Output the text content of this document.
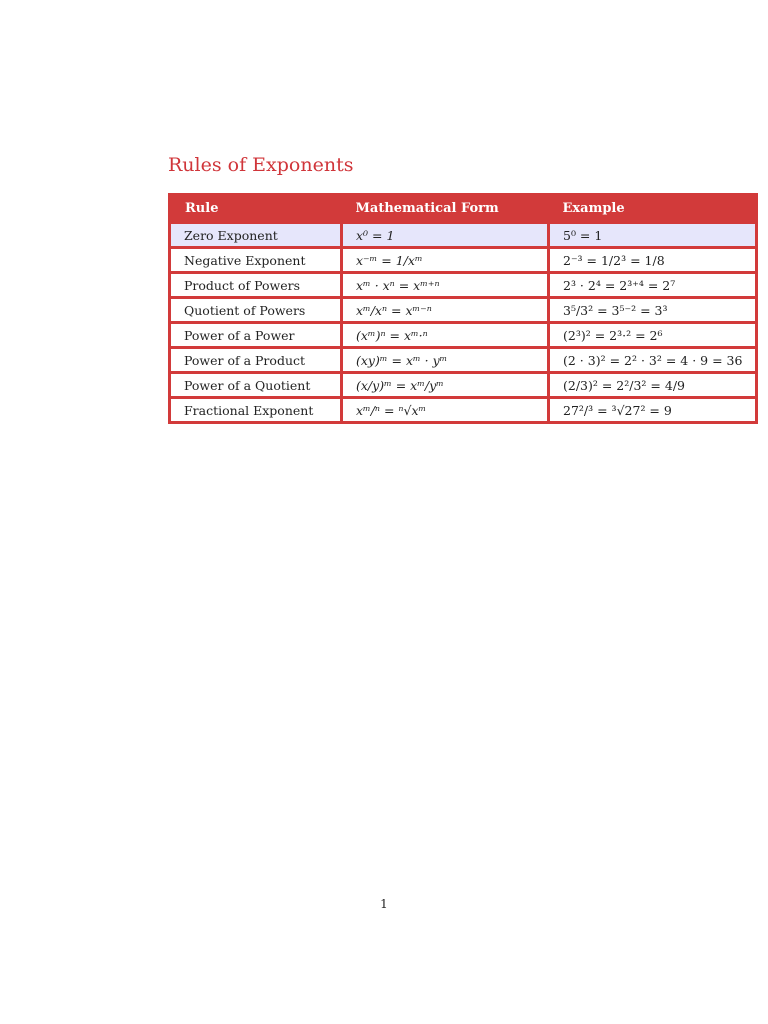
Rules of Exponents
Rule	Mathematical Form	Example
Zero Exponent	x⁰ = 1	5⁰ = 1
Negative Exponent	x⁻ᵐ = 1/xᵐ	2⁻³ = 1/2³ = 1/8
Product of Powers	xᵐ · xⁿ = xᵐ⁺ⁿ	2³ · 2⁴ = 2³⁺⁴ = 2⁷
Quotient of Powers	xᵐ/xⁿ = xᵐ⁻ⁿ	3⁵/3² = 3⁵⁻² = 3³
Power of a Power	(xᵐ)ⁿ = xᵐ·ⁿ	(2³)² = 2³·² = 2⁶
Power of a Product	(xy)ᵐ = xᵐ · yᵐ	(2 · 3)² = 2² · 3² = 4 · 9 = 36
Power of a Quotient	(x/y)ᵐ = xᵐ/yᵐ	(2/3)² = 2²/3² = 4/9
Fractional Exponent	xᵐ/ⁿ = ⁿ√xᵐ	27²/³ = ³√27² = 9
1
